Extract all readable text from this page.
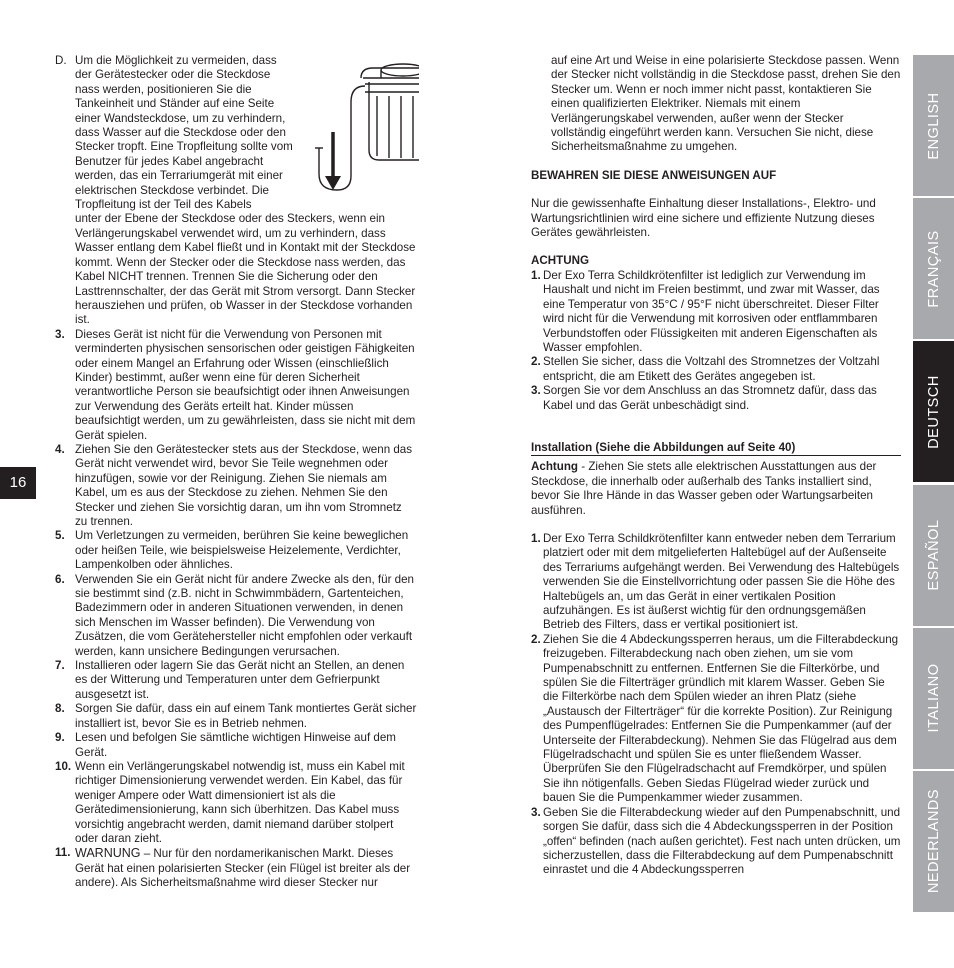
D. Um die Möglichkeit zu vermeiden, dass der Gerätestecker oder die Steckdose nass werden, positionieren Sie die Tankeinheit und Ständer auf eine Seite einer Wandsteckdose, um zu verhindern, dass Wasser auf die Steckdose oder den Stecker tropft. Eine Tropfleitung sollte vom Benutzer für jedes Kabel angebracht werden, das ein Terrariumgerät mit einer elektrischen Steckdose verbindet. Die Tropfleitung ist der Teil des Kabels

unter der Ebene der Steckdose oder des Steckers, wenn ein Verlängerungskabel verwendet wird, um zu verhindern, dass Wasser entlang dem Kabel fließt und in Kontakt mit der Steckdose kommt. Wenn der Stecker oder die Steckdose nass werden, das Kabel NICHT trennen. Trennen Sie die Sicherung oder den Lasttrennschalter, der das Gerät mit Strom versorgt. Dann Stecker herausziehen und prüfen, ob Wasser in der Steckdose vorhanden ist.

3. Dieses Gerät ist nicht für die Verwendung von Personen mit verminderten physischen sensorischen oder geistigen Fähigkeiten oder einem Mangel an Erfahrung oder Wissen (einschließlich Kinder) bestimmt, außer wenn eine für deren Sicherheit verantwortliche Person sie beaufsichtigt oder ihnen Anweisungen zur Verwendung des Geräts erteilt hat. Kinder müssen beaufsichtigt werden, um zu gewährleisten, dass sie nicht mit dem Gerät spielen.

4. Ziehen Sie den Gerätestecker stets aus der Steckdose, wenn das Gerät nicht verwendet wird, bevor Sie Teile wegnehmen oder hinzufügen, sowie vor der Reinigung. Ziehen Sie niemals am Kabel, um es aus der Steckdose zu ziehen. Nehmen Sie den Stecker und ziehen Sie vorsichtig daran, um ihn vom Stromnetz zu trennen.

5. Um Verletzungen zu vermeiden, berühren Sie keine beweglichen oder heißen Teile, wie beispielsweise Heizelemente, Verdichter, Lampenkolben oder ähnliches.

6. Verwenden Sie ein Gerät nicht für andere Zwecke als den, für den sie bestimmt sind (z.B. nicht in Schwimmbädern, Gartenteichen, Badezimmern oder in anderen Situationen verwenden, in denen sich Menschen im Wasser befinden). Die Verwendung von Zusätzen, die vom Gerätehersteller nicht empfohlen oder verkauft werden, kann unsichere Bedingungen verursachen.

7. Installieren oder lagern Sie das Gerät nicht an Stellen, an denen es der Witterung und Temperaturen unter dem Gefrierpunkt ausgesetzt ist.

8. Sorgen Sie dafür, dass ein auf einem Tank montiertes Gerät sicher installiert ist, bevor Sie es in Betrieb nehmen.

9. Lesen und befolgen Sie sämtliche wichtigen Hinweise auf dem Gerät.

10. Wenn ein Verlängerungskabel notwendig ist, muss ein Kabel mit richtiger Dimensionierung verwendet werden. Ein Kabel, das für weniger Ampere oder Watt dimensioniert ist als die Gerätedimensionierung, kann sich überhitzen. Das Kabel muss vorsichtig angebracht werden, damit niemand darüber stolpert oder daran zieht.

11. WARNUNG – Nur für den nordamerikanischen Markt. Dieses Gerät hat einen polarisierten Stecker (ein Flügel ist breiter als der andere). Als Sicherheitsmaßnahme wird dieser Stecker nur

auf eine Art und Weise in eine polarisierte Steckdose passen. Wenn der Stecker nicht vollständig in die Steckdose passt, drehen Sie den Stecker um. Wenn er noch immer nicht passt, kontaktieren Sie einen qualifizierten Elektriker. Niemals mit einem Verlängerungskabel verwenden, außer wenn der Stecker vollständig eingeführt werden kann. Versuchen Sie nicht, diese Sicherheitsmaßnahme zu umgehen.

BEWAHREN SIE DIESE ANWEISUNGEN AUF

Nur die gewissenhafte Einhaltung dieser Installations-, Elektro- und Wartungsrichtlinien wird eine sichere und effiziente Nutzung dieses Gerätes gewährleisten.

ACHTUNG

1. Der Exo Terra Schildkrötenfilter ist lediglich zur Verwendung im Haushalt und nicht im Freien bestimmt, und zwar mit Wasser, das eine Temperatur von 35°C / 95°F nicht überschreitet. Dieser Filter wird nicht für die Verwendung mit korrosiven oder entflammbaren Verbundstoffen oder Flüssigkeiten mit anderen Eigenschaften als Wasser empfohlen.

2. Stellen Sie sicher, dass die Voltzahl des Stromnetzes der Voltzahl entspricht, die am Etikett des Gerätes angegeben ist.

3. Sorgen Sie vor dem Anschluss an das Stromnetz dafür, dass das Kabel und das Gerät unbeschädigt sind.

Installation (Siehe die Abbildungen auf Seite 40)

Achtung - Ziehen Sie stets alle elektrischen Ausstattungen aus der Steckdose, die innerhalb oder außerhalb des Tanks installiert sind, bevor Sie Ihre Hände in das Wasser geben oder Wartungsarbeiten ausführen.

1. Der Exo Terra Schildkrötenfilter kann entweder neben dem Terrarium platziert oder mit dem mitgelieferten Haltebügel auf der Außenseite des Terrariums aufgehängt werden. Bei Verwendung des Haltebügels verwenden Sie die Einstellvorrichtung oder passen Sie die Höhe des Haltebügels an, um das Gerät in einer vertikalen Position aufzuhängen. Es ist äußerst wichtig für den ordnungsgemäßen Betrieb des Filters, dass er vertikal positioniert ist.

2. Ziehen Sie die 4 Abdeckungssperren heraus, um die Filterabdeckung freizugeben. Filterabdeckung nach oben ziehen, um sie vom Pumpenabschnitt zu entfernen. Entfernen Sie die Filterkörbe, und spülen Sie die Filterträger gründlich mit klarem Wasser. Geben Sie die Filterkörbe nach dem Spülen wieder an ihren Platz (siehe „Austausch der Filterträger“ für die korrekte Position). Zur Reinigung des Pumpenflügelrades: Entfernen Sie die Pumpenkammer (auf der Unterseite der Filterabdeckung). Nehmen Sie das Flügelrad aus dem Flügelradschacht und spülen Sie es unter fließendem Wasser. Überprüfen Sie den Flügelradschacht auf Fremdkörper, und spülen Sie ihn nötigenfalls. Geben Siedas Flügelrad wieder zurück und bauen Sie die Pumpenkammer wieder zusammen.

3. Geben Sie die Filterabdeckung wieder auf den Pumpenabschnitt, und sorgen Sie dafür, dass sich die 4 Abdeckungssperren in der Position „offen“ befinden (nach außen gerichtet). Fest nach unten drücken, um sicherzustellen, dass die Filterabdeckung auf dem Pumpenabschnitt einrastet und die 4 Abdeckungssperren

16
ENGLISH
FRANÇAIS
DEUTSCH
ESPAÑOL
ITALIANO
NEDERLANDS
